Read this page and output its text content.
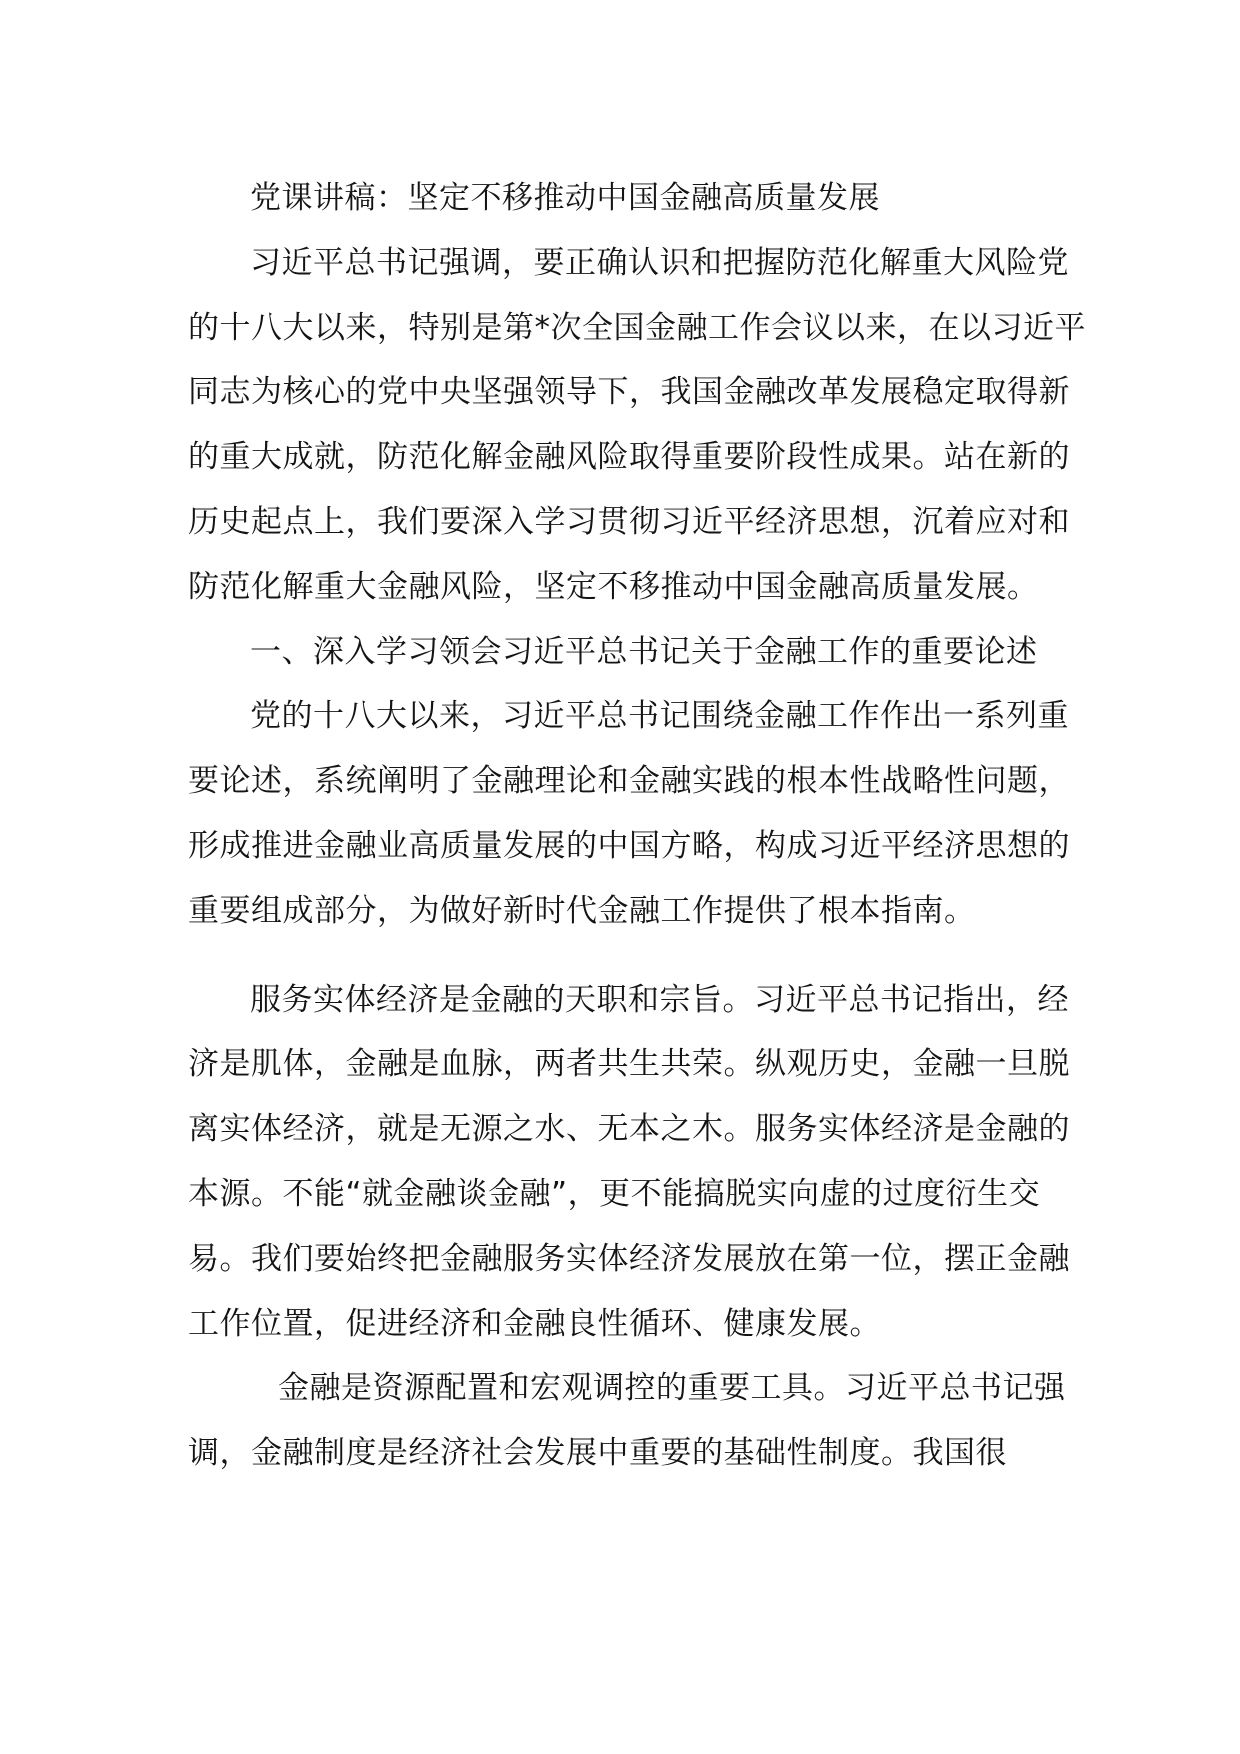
党课讲稿：坚定不移推动中国金融高质量发展

习近平总书记强调，要正确认识和把握防范化解重大风险党的十八大以来，特别是第*次全国金融工作会议以来，在以习近平同志为核心的党中央坚强领导下，我国金融改革发展稳定取得新的重大成就，防范化解金融风险取得重要阶段性成果。站在新的历史起点上，我们要深入学习贯彻习近平经济思想，沉着应对和防范化解重大金融风险，坚定不移推动中国金融高质量发展。

一、深入学习领会习近平总书记关于金融工作的重要论述

党的十八大以来，习近平总书记围绕金融工作作出一系列重要论述，系统阐明了金融理论和金融实践的根本性战略性问题，形成推进金融业高质量发展的中国方略，构成习近平经济思想的重要组成部分，为做好新时代金融工作提供了根本指南。

服务实体经济是金融的天职和宗旨。习近平总书记指出，经济是肌体，金融是血脉，两者共生共荣。纵观历史，金融一旦脱离实体经济，就是无源之水、无本之木。服务实体经济是金融的本源。不能“就金融谈金融”，更不能搞脱实向虚的过度衍生交易。我们要始终把金融服务实体经济发展放在第一位，摆正金融工作位置，促进经济和金融良性循环、健康发展。

金融是资源配置和宏观调控的重要工具。习近平总书记强调，金融制度是经济社会发展中重要的基础性制度。我国很
